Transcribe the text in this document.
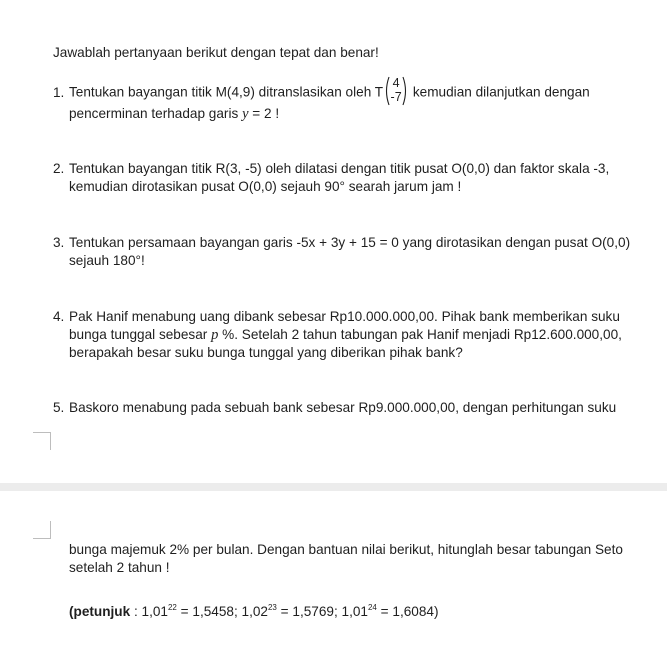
Jawablah pertanyaan berikut dengan tepat dan benar!
1. Tentukan bayangan titik M(4,9) ditranslasikan oleh T
4
-7 kemudian dilanjutkan dengan
pencerminan terhadap garis y = 2 !
2. Tentukan bayangan titik R(3, -5) oleh dilatasi dengan titik pusat O(0,0) dan faktor skala -3,
kemudian dirotasikan pusat O(0,0) sejauh 90° searah jarum jam !
3. Tentukan persamaan bayangan garis -5x + 3y + 15 = 0 yang dirotasikan dengan pusat O(0,0)
sejauh 180°!
4. Pak Hanif menabung uang dibank sebesar Rp10.000.000,00. Pihak bank memberikan suku
bunga tunggal sebesar p %. Setelah 2 tahun tabungan pak Hanif menjadi Rp12.600.000,00,
berapakah besar suku bunga tunggal yang diberikan pihak bank?
5. Baskoro menabung pada sebuah bank sebesar Rp9.000.000,00, dengan perhitungan suku
bunga majemuk 2% per bulan. Dengan bantuan nilai berikut, hitunglah besar tabungan Seto
setelah 2 tahun !
(petunjuk : $1,01^{22} = 1,5458$; $1,02^{23} = 1,5769$; $1,01^{24} = 1,6084$)
